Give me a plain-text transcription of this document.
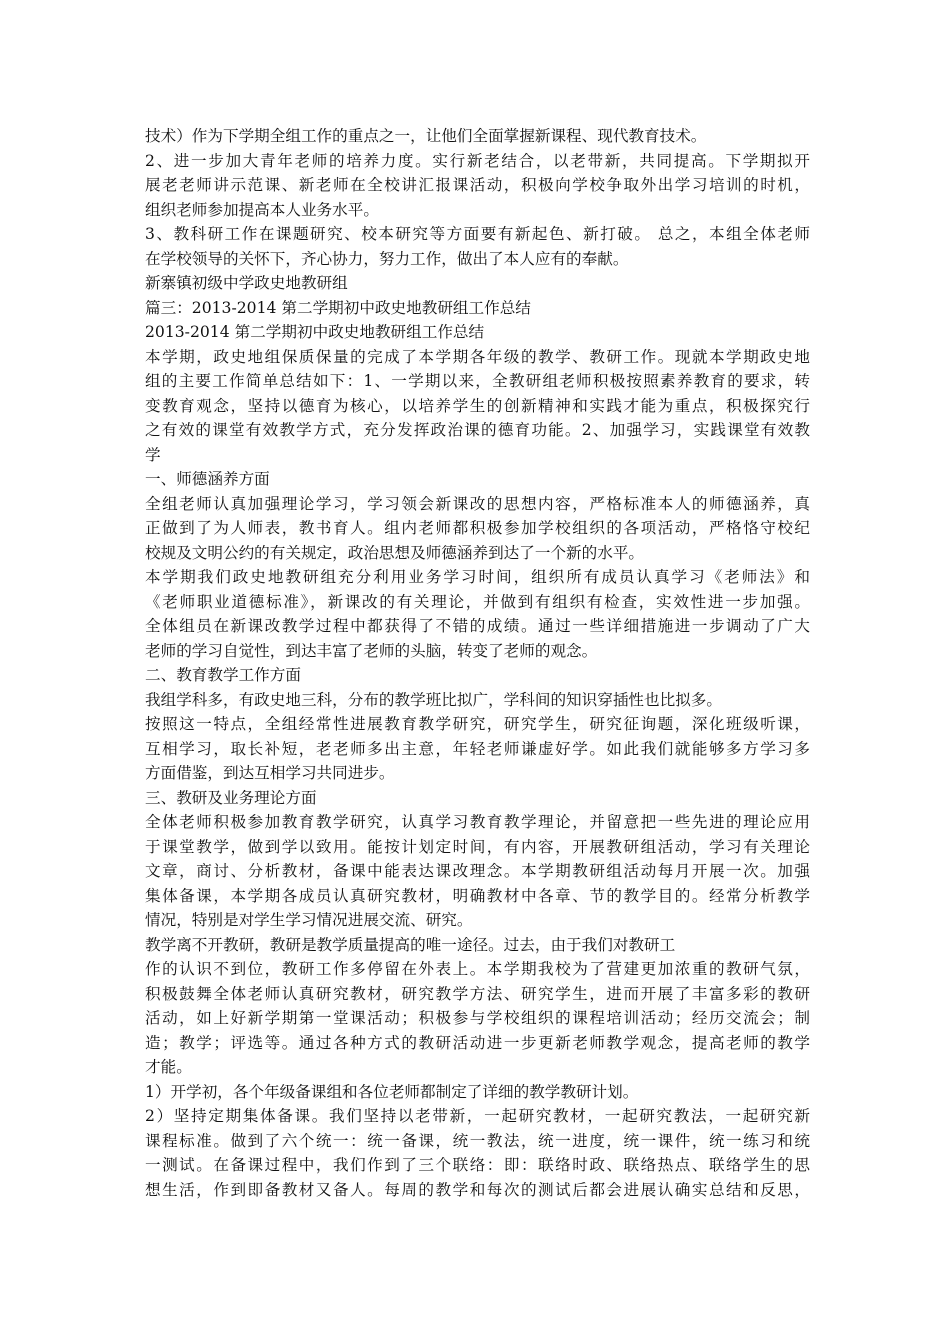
技术）作为下学期全组工作的重点之一，让他们全面掌握新课程、现代教育技术。
2、进一步加大青年老师的培养力度。实行新老结合，以老带新，共同提高。下学期拟开
展老老师讲示范课、新老师在全校讲汇报课活动，积极向学校争取外出学习培训的时机，
组织老师参加提高本人业务水平。
3、教科研工作在课题研究、校本研究等方面要有新起色、新打破。 总之，本组全体老师
在学校领导的关怀下，齐心协力，努力工作，做出了本人应有的奉献。
新寨镇初级中学政史地教研组
篇三：2013-2014 第二学期初中政史地教研组工作总结
2013-2014 第二学期初中政史地教研组工作总结
本学期，政史地组保质保量的完成了本学期各年级的教学、教研工作。现就本学期政史地
组的主要工作简单总结如下：1、一学期以来，全教研组老师积极按照素养教育的要求，转
变教育观念，坚持以德育为核心，以培养学生的创新精神和实践才能为重点，积极探究行
之有效的课堂有效教学方式，充分发挥政治课的德育功能。2、加强学习，实践课堂有效教
学
一、师德涵养方面
全组老师认真加强理论学习，学习领会新课改的思想内容，严格标准本人的师德涵养，真
正做到了为人师表，教书育人。组内老师都积极参加学校组织的各项活动，严格恪守校纪
校规及文明公约的有关规定，政治思想及师德涵养到达了一个新的水平。
本学期我们政史地教研组充分利用业务学习时间，组织所有成员认真学习《老师法》和
《老师职业道德标准》，新课改的有关理论，并做到有组织有检查，实效性进一步加强。
全体组员在新课改教学过程中都获得了不错的成绩。通过一些详细措施进一步调动了广大
老师的学习自觉性，到达丰富了老师的头脑，转变了老师的观念。
二、教育教学工作方面
我组学科多，有政史地三科，分布的教学班比拟广，学科间的知识穿插性也比拟多。
按照这一特点，全组经常性进展教育教学研究，研究学生，研究征询题，深化班级听课，
互相学习，取长补短，老老师多出主意，年轻老师谦虚好学。如此我们就能够多方学习多
方面借鉴，到达互相学习共同进步。
三、教研及业务理论方面
全体老师积极参加教育教学研究，认真学习教育教学理论，并留意把一些先进的理论应用
于课堂教学，做到学以致用。能按计划定时间，有内容，开展教研组活动，学习有关理论
文章，商讨、分析教材，备课中能表达课改理念。本学期教研组活动每月开展一次。加强
集体备课，本学期各成员认真研究教材，明确教材中各章、节的教学目的。经常分析教学
情况，特别是对学生学习情况进展交流、研究。
教学离不开教研，教研是教学质量提高的唯一途径。过去，由于我们对教研工
作的认识不到位，教研工作多停留在外表上。本学期我校为了营建更加浓重的教研气氛，
积极鼓舞全体老师认真研究教材，研究教学方法、研究学生，进而开展了丰富多彩的教研
活动，如上好新学期第一堂课活动；积极参与学校组织的课程培训活动；经历交流会；制
造；教学；评选等。通过各种方式的教研活动进一步更新老师教学观念，提高老师的教学
才能。
1）开学初，各个年级备课组和各位老师都制定了详细的教学教研计划。
2）坚持定期集体备课。我们坚持以老带新，一起研究教材，一起研究教法，一起研究新
课程标准。做到了六个统一：统一备课，统一教法，统一进度，统一课件，统一练习和统
一测试。在备课过程中，我们作到了三个联络：即：联络时政、联络热点、联络学生的思
想生活，作到即备教材又备人。每周的教学和每次的测试后都会进展认确实总结和反思，
